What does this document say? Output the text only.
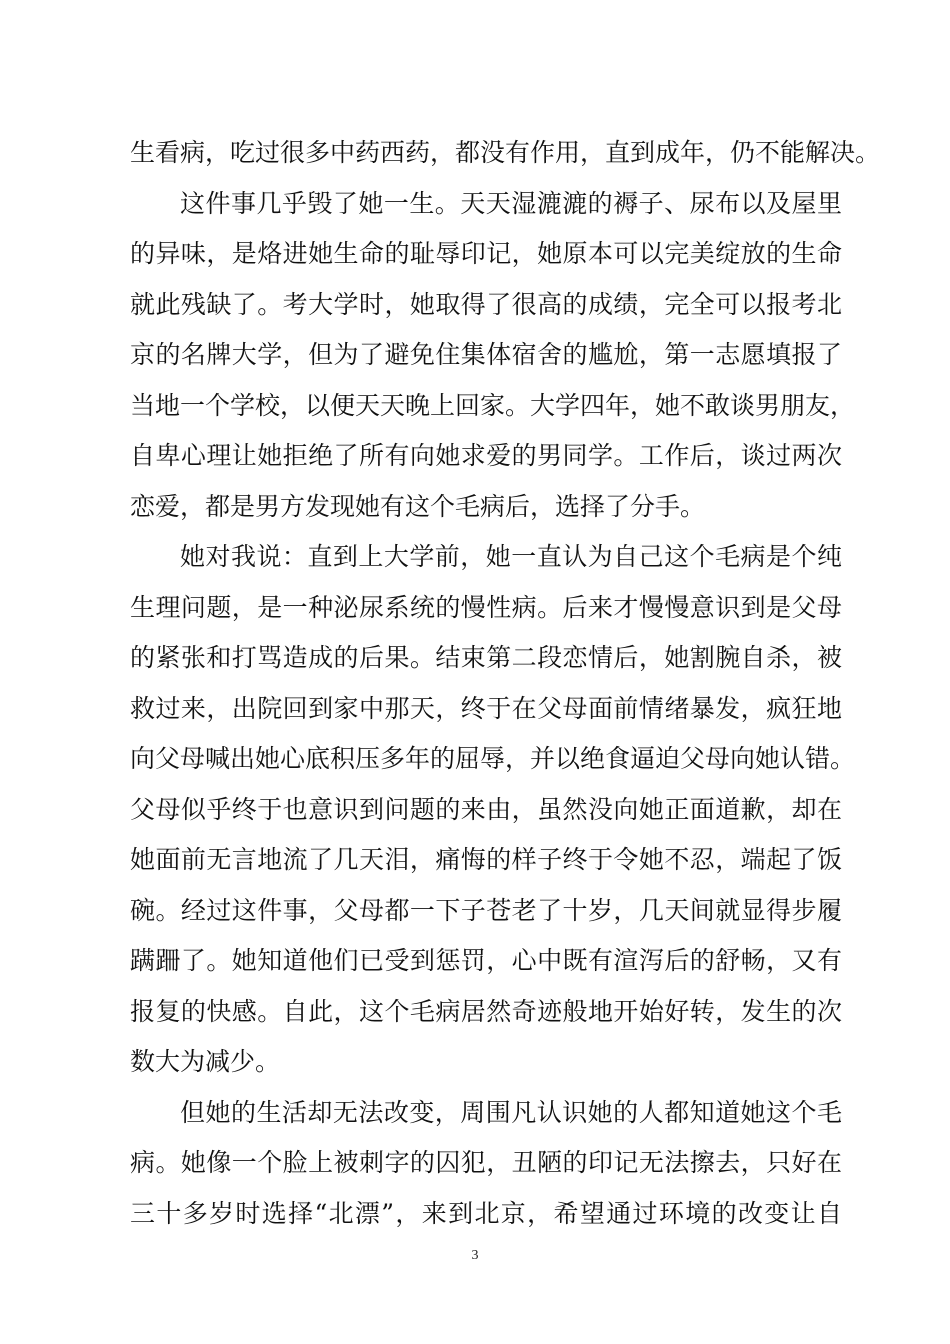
生看病，吃过很多中药西药，都没有作用，直到成年，仍不能解决。
这件事几乎毁了她一生。天天湿漉漉的褥子、尿布以及屋里
的异味，是烙进她生命的耻辱印记，她原本可以完美绽放的生命
就此残缺了。考大学时，她取得了很高的成绩，完全可以报考北
京的名牌大学，但为了避免住集体宿舍的尴尬，第一志愿填报了
当地一个学校，以便天天晚上回家。大学四年，她不敢谈男朋友，
自卑心理让她拒绝了所有向她求爱的男同学。工作后，谈过两次
恋爱，都是男方发现她有这个毛病后，选择了分手。
她对我说：直到上大学前，她一直认为自己这个毛病是个纯
生理问题，是一种泌尿系统的慢性病。后来才慢慢意识到是父母
的紧张和打骂造成的后果。结束第二段恋情后，她割腕自杀，被
救过来，出院回到家中那天，终于在父母面前情绪暴发，疯狂地
向父母喊出她心底积压多年的屈辱，并以绝食逼迫父母向她认错。
父母似乎终于也意识到问题的来由，虽然没向她正面道歉，却在
她面前无言地流了几天泪，痛悔的样子终于令她不忍，端起了饭
碗。经过这件事，父母都一下子苍老了十岁，几天间就显得步履
蹒跚了。她知道他们已受到惩罚，心中既有渲泻后的舒畅，又有
报复的快感。自此，这个毛病居然奇迹般地开始好转，发生的次
数大为减少。
但她的生活却无法改变，周围凡认识她的人都知道她这个毛
病。她像一个脸上被刺字的囚犯，丑陋的印记无法擦去，只好在
三十多岁时选择“北漂”，来到北京，希望通过环境的改变让自
3
